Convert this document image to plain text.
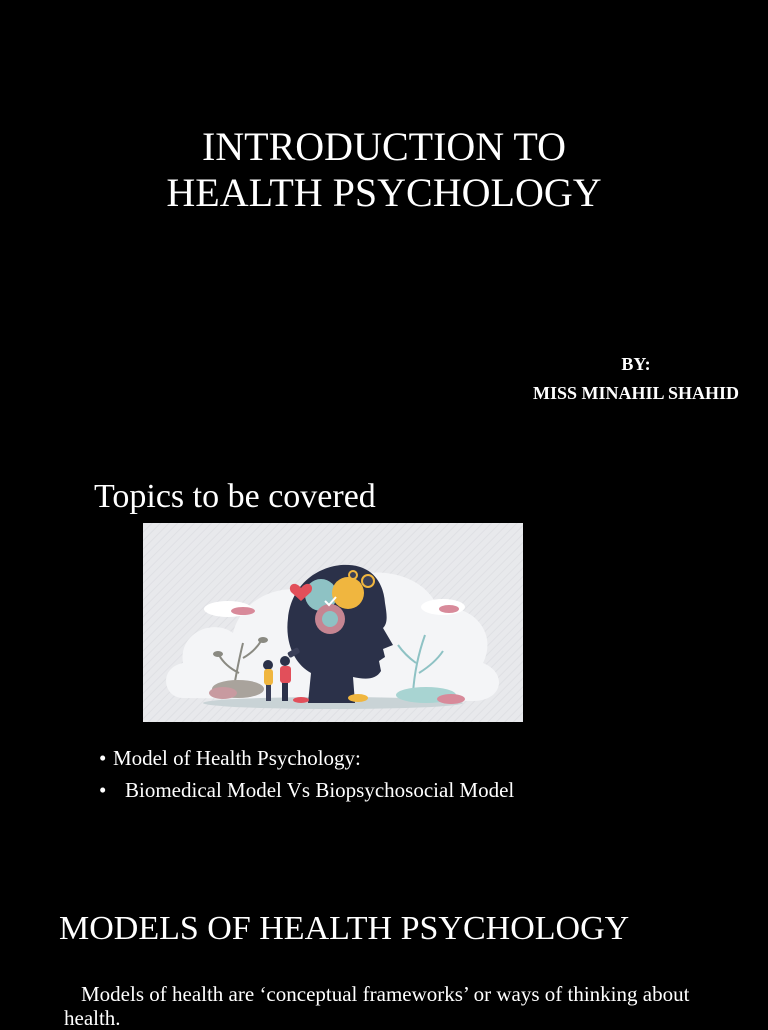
INTRODUCTION TO
HEALTH PSYCHOLOGY
BY:
MISS MINAHIL SHAHID
Topics to be covered
• Model of Health Psychology:
• Biomedical Model Vs Biopsychosocial Model
MODELS OF HEALTH PSYCHOLOGY

Models of health are ‘conceptual frameworks’ or ways of thinking about health.
